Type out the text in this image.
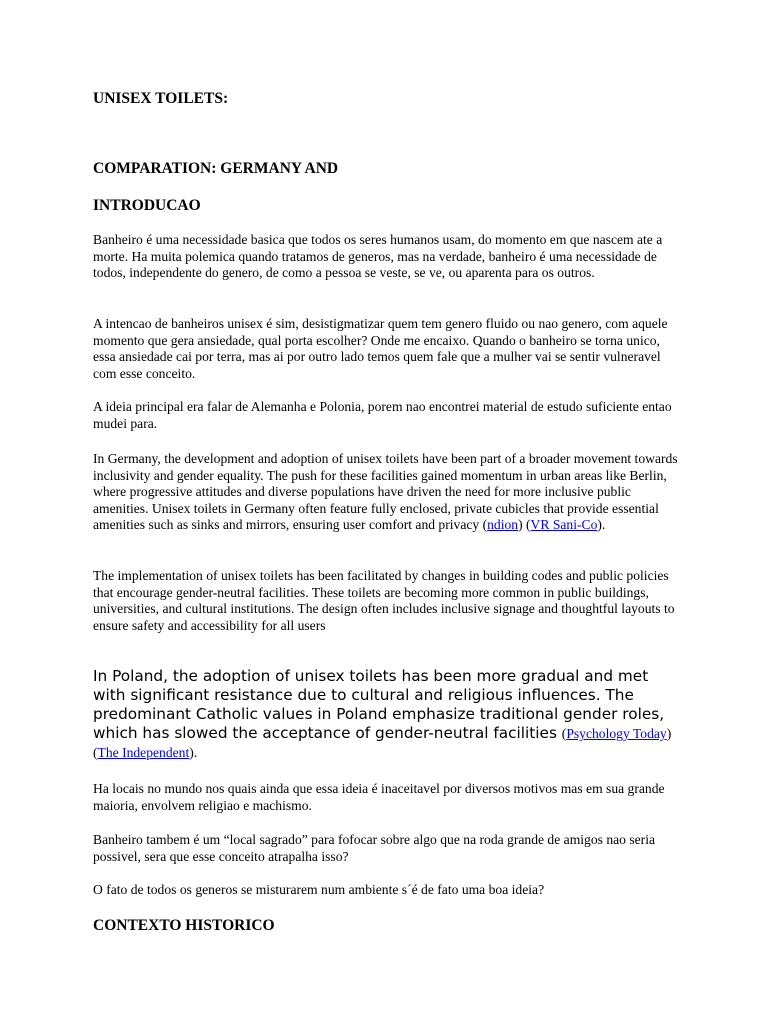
UNISEX TOILETS:
COMPARATION: GERMANY AND
INTRODUCAO

Banheiro é uma necessidade basica que todos os seres humanos usam, do momento em que nascem ate a morte. Ha muita polemica quando tratamos de generos, mas na verdade, banheiro é uma necessidade de todos, independente do genero, de como a pessoa se veste, se ve, ou aparenta para os outros.

A intencao de banheiros unisex é sim, desistigmatizar quem tem genero fluido ou nao genero, com aquele momento que gera ansiedade, qual porta escolher? Onde me encaixo. Quando o banheiro se torna unico, essa ansiedade cai por terra, mas ai por outro lado temos quem fale que a mulher vai se sentir vulneravel com esse conceito.

A ideia principal era falar de Alemanha e Polonia, porem nao encontrei material de estudo suficiente entao mudei para.

In Germany, the development and adoption of unisex toilets have been part of a broader movement towards inclusivity and gender equality. The push for these facilities gained momentum in urban areas like Berlin, where progressive attitudes and diverse populations have driven the need for more inclusive public amenities. Unisex toilets in Germany often feature fully enclosed, private cubicles that provide essential amenities such as sinks and mirrors, ensuring user comfort and privacy (ndion) (VR Sani-Co).

The implementation of unisex toilets has been facilitated by changes in building codes and public policies that encourage gender-neutral facilities. These toilets are becoming more common in public buildings, universities, and cultural institutions. The design often includes inclusive signage and thoughtful layouts to ensure safety and accessibility for all users

In Poland, the adoption of unisex toilets has been more gradual and met with significant resistance due to cultural and religious influences. The predominant Catholic values in Poland emphasize traditional gender roles, which has slowed the acceptance of gender-neutral facilities (Psychology Today) (The Independent).

Ha locais no mundo nos quais ainda que essa ideia é inaceitavel por diversos motivos mas em sua grande maioria, envolvem religiao e machismo.

Banheiro tambem é um “local sagrado” para fofocar sobre algo que na roda grande de amigos nao seria possivel, sera que esse conceito atrapalha isso?

O fato de todos os generos se misturarem num ambiente s´é de fato uma boa ideia?

CONTEXTO HISTORICO
